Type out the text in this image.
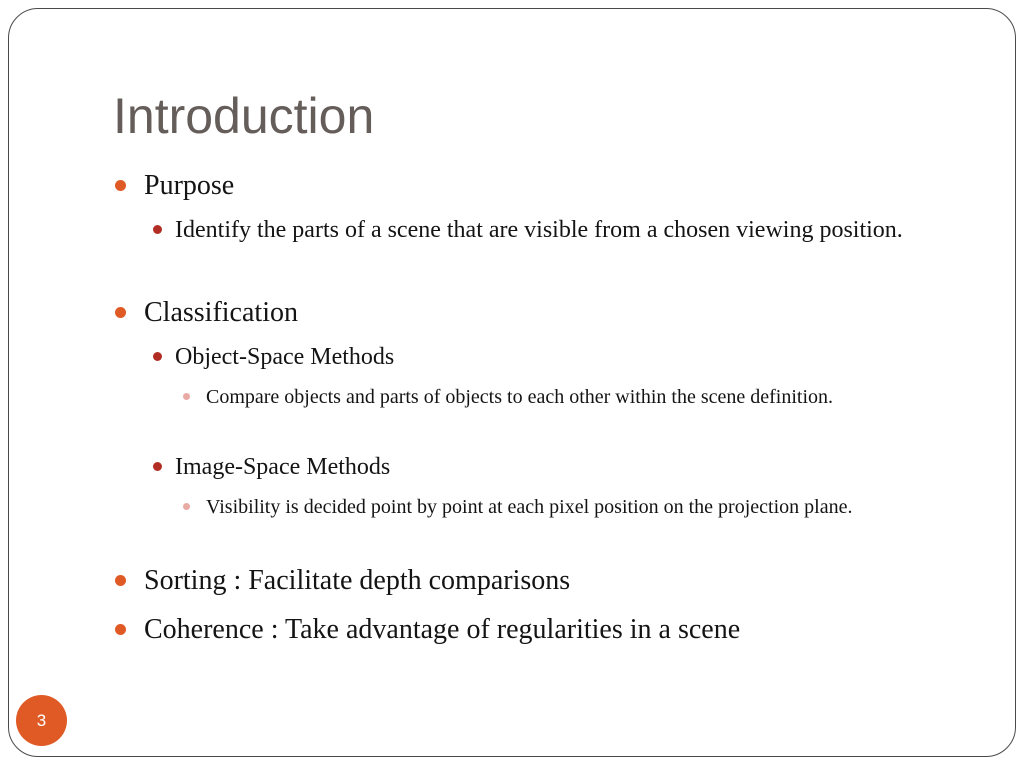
Introduction
Purpose
Identify the parts of a scene that are visible from a chosen viewing position.
Classification
Object-Space Methods
Compare objects and parts of objects to each other within the scene definition.
Image-Space Methods
Visibility is decided point by point at each pixel position on the projection plane.
Sorting : Facilitate depth comparisons
Coherence : Take advantage of regularities in a scene
3
